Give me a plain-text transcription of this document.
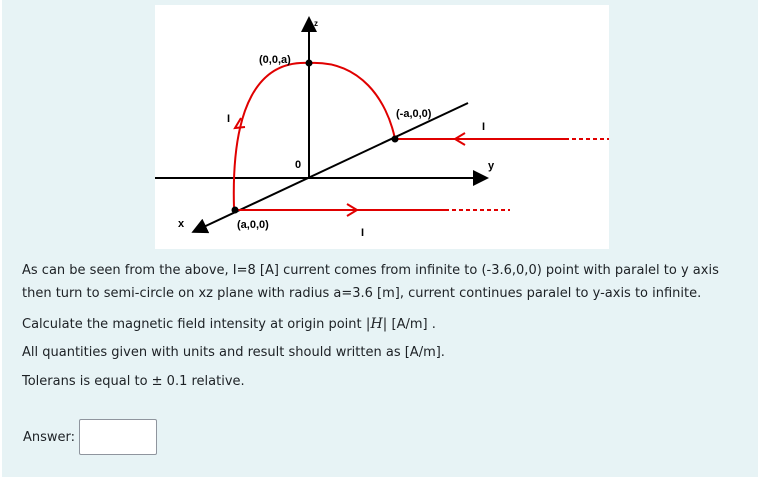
z
y
x
0
(0,0,a)
(-a,0,0)
(a,0,0)
I
I
I
As can be seen from the above, I=8 [A] current comes from infinite to (-3.6,0,0) point with paralel to y axis
then turn to semi-circle on xz plane with radius a=3.6 [m], current continues paralel to y-axis to infinite.
Calculate the magnetic field intensity at origin point |H| [A/m] .
All quantities given with units and result should written as [A/m].
Tolerans is equal to ± 0.1 relative.
Answer:
